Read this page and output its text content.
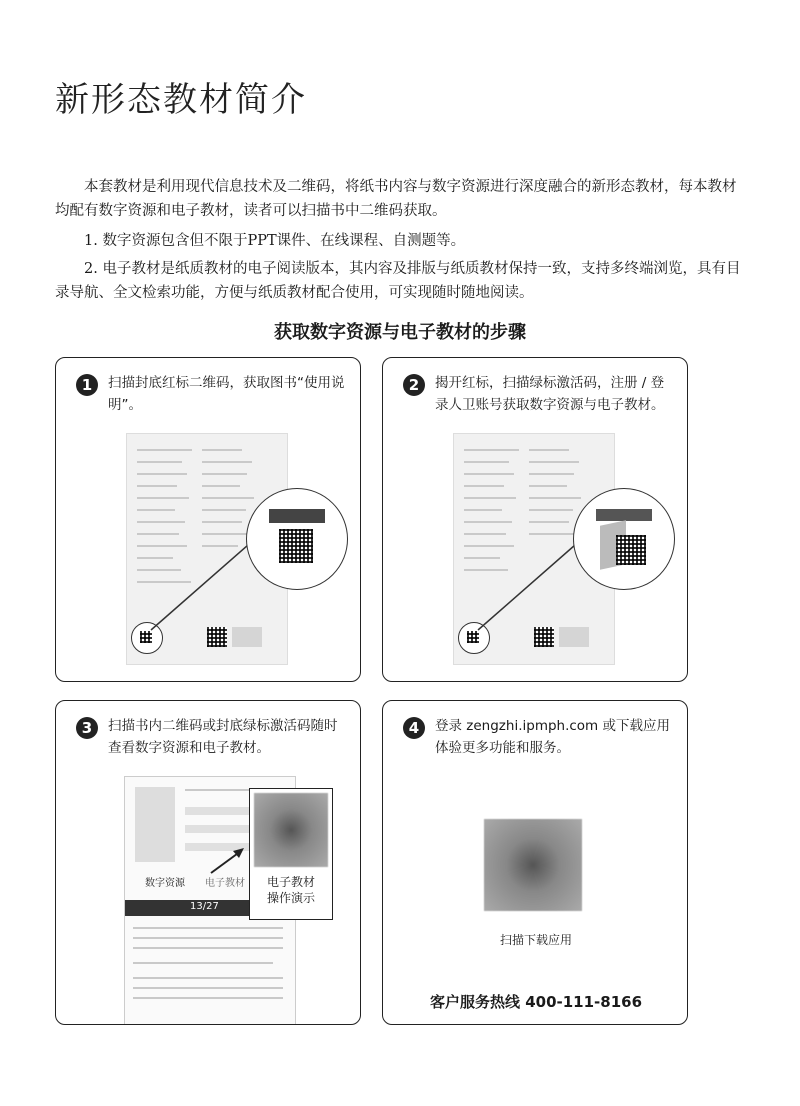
新形态教材简介
本套教材是利用现代信息技术及二维码，将纸书内容与数字资源进行深度融合的新形态教材，每本教材均配有数字资源和电子教材，读者可以扫描书中二维码获取。
1. 数字资源包含但不限于PPT课件、在线课程、自测题等。
2. 电子教材是纸质教材的电子阅读版本，其内容及排版与纸质教材保持一致，支持多终端浏览，具有目录导航、全文检索功能，方便与纸质教材配合使用，可实现随时随地阅读。
获取数字资源与电子教材的步骤
1	扫描封底红标二维码，获取图书“使用说明”。
2	揭开红标，扫描绿标激活码，注册 / 登录人卫账号获取数字资源与电子教材。
3	扫描书内二维码或封底绿标激活码随时查看数字资源和电子教材。
数字资源 电子教材
13/27
电子教材
操作演示
4	登录 zengzhi.ipmph.com 或下载应用体验更多功能和服务。
扫描下载应用
客户服务热线 400-111-8166
